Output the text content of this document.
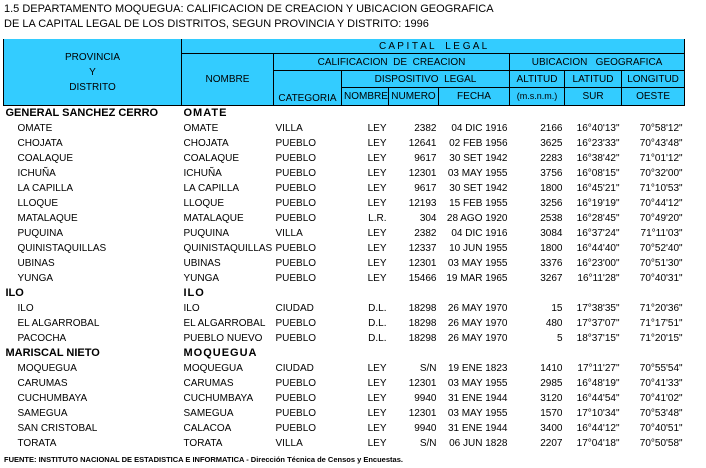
1.5 DEPARTAMENTO MOQUEGUA: CALIFICACION DE CREACION Y UBICACION GEOGRAFICA
DE LA CAPITAL LEGAL DE LOS DISTRITOS, SEGUN PROVINCIA Y DISTRITO: 1996
PROVINCIA
Y
DISTRITO	C A P I T A L    L E G A L							
	NOMBRE	CALIFICACION  DE  CREACION				UBICACION   GEOGRAFICA		
		CATEGORIA	DISPOSITIVO  LEGAL			ALTITUD	LATITUD	LONGITUD
			NOMBRE	NUMERO	FECHA	(m.s.n.m.)	SUR	OESTE
GENERAL SANCHEZ CERRO	OMATE							
OMATE	OMATE	VILLA	LEY	2382	04 DIC 1916	2166	16°40'13"	70°58'12"
CHOJATA	CHOJATA	PUEBLO	LEY	12641	02 FEB 1956	3625	16°23'33"	70°43'48"
COALAQUE	COALAQUE	PUEBLO	LEY	9617	30 SET 1942	2283	16°38'42"	71°01'12"
ICHUÑA	ICHUÑA	PUEBLO	LEY	12301	03 MAY 1955	3756	16°08'15"	70°32'00"
LA CAPILLA	LA CAPILLA	PUEBLO	LEY	9617	30 SET 1942	1800	16°45'21"	71°10'53"
LLOQUE	LLOQUE	PUEBLO	LEY	12193	15 FEB 1955	3256	16°19'19"	70°44'12"
MATALAQUE	MATALAQUE	PUEBLO	L.R.	304	28 AGO 1920	2538	16°28'45"	70°49'20"
PUQUINA	PUQUINA	VILLA	LEY	2382	04 DIC 1916	3084	16°37'24"	71°11'03"
QUINISTAQUILLAS	QUINISTAQUILLAS	PUEBLO	LEY	12337	10 JUN 1955	1800	16°44'40"	70°52'40"
UBINAS	UBINAS	PUEBLO	LEY	12301	03 MAY 1955	3376	16°23'00"	70°51'30"
YUNGA	YUNGA	PUEBLO	LEY	15466	19 MAR 1965	3267	16°11'28"	70°40'31"
ILO	ILO							
ILO	ILO	CIUDAD	D.L.	18298	26 MAY 1970	15	17°38'35"	71°20'36"
EL ALGARROBAL	EL ALGARROBAL	PUEBLO	D.L.	18298	26 MAY 1970	480	17°37'07"	71°17'51"
PACOCHA	PUEBLO NUEVO	PUEBLO	D.L.	18298	26 MAY 1970	5	18°37'15"	71°20'15"
MARISCAL NIETO	MOQUEGUA							
MOQUEGUA	MOQUEGUA	CIUDAD	LEY	S/N	19 ENE 1823	1410	17°11'27"	70°55'54"
CARUMAS	CARUMAS	PUEBLO	LEY	12301	03 MAY 1955	2985	16°48'19"	70°41'33"
CUCHUMBAYA	CUCHUMBAYA	PUEBLO	LEY	9940	31 ENE 1944	3120	16°44'54"	70°41'02"
SAMEGUA	SAMEGUA	PUEBLO	LEY	12301	03 MAY 1955	1570	17°10'34"	70°53'48"
SAN CRISTOBAL	CALACOA	PUEBLO	LEY	9940	31 ENE 1944	3400	16°44'12"	70°40'51"
TORATA	TORATA	VILLA	LEY	S/N	06 JUN 1828	2207	17°04'18"	70°50'58"
FUENTE: INSTITUTO NACIONAL DE ESTADISTICA E INFORMATICA - Dirección Técnica de Censos y Encuestas.
